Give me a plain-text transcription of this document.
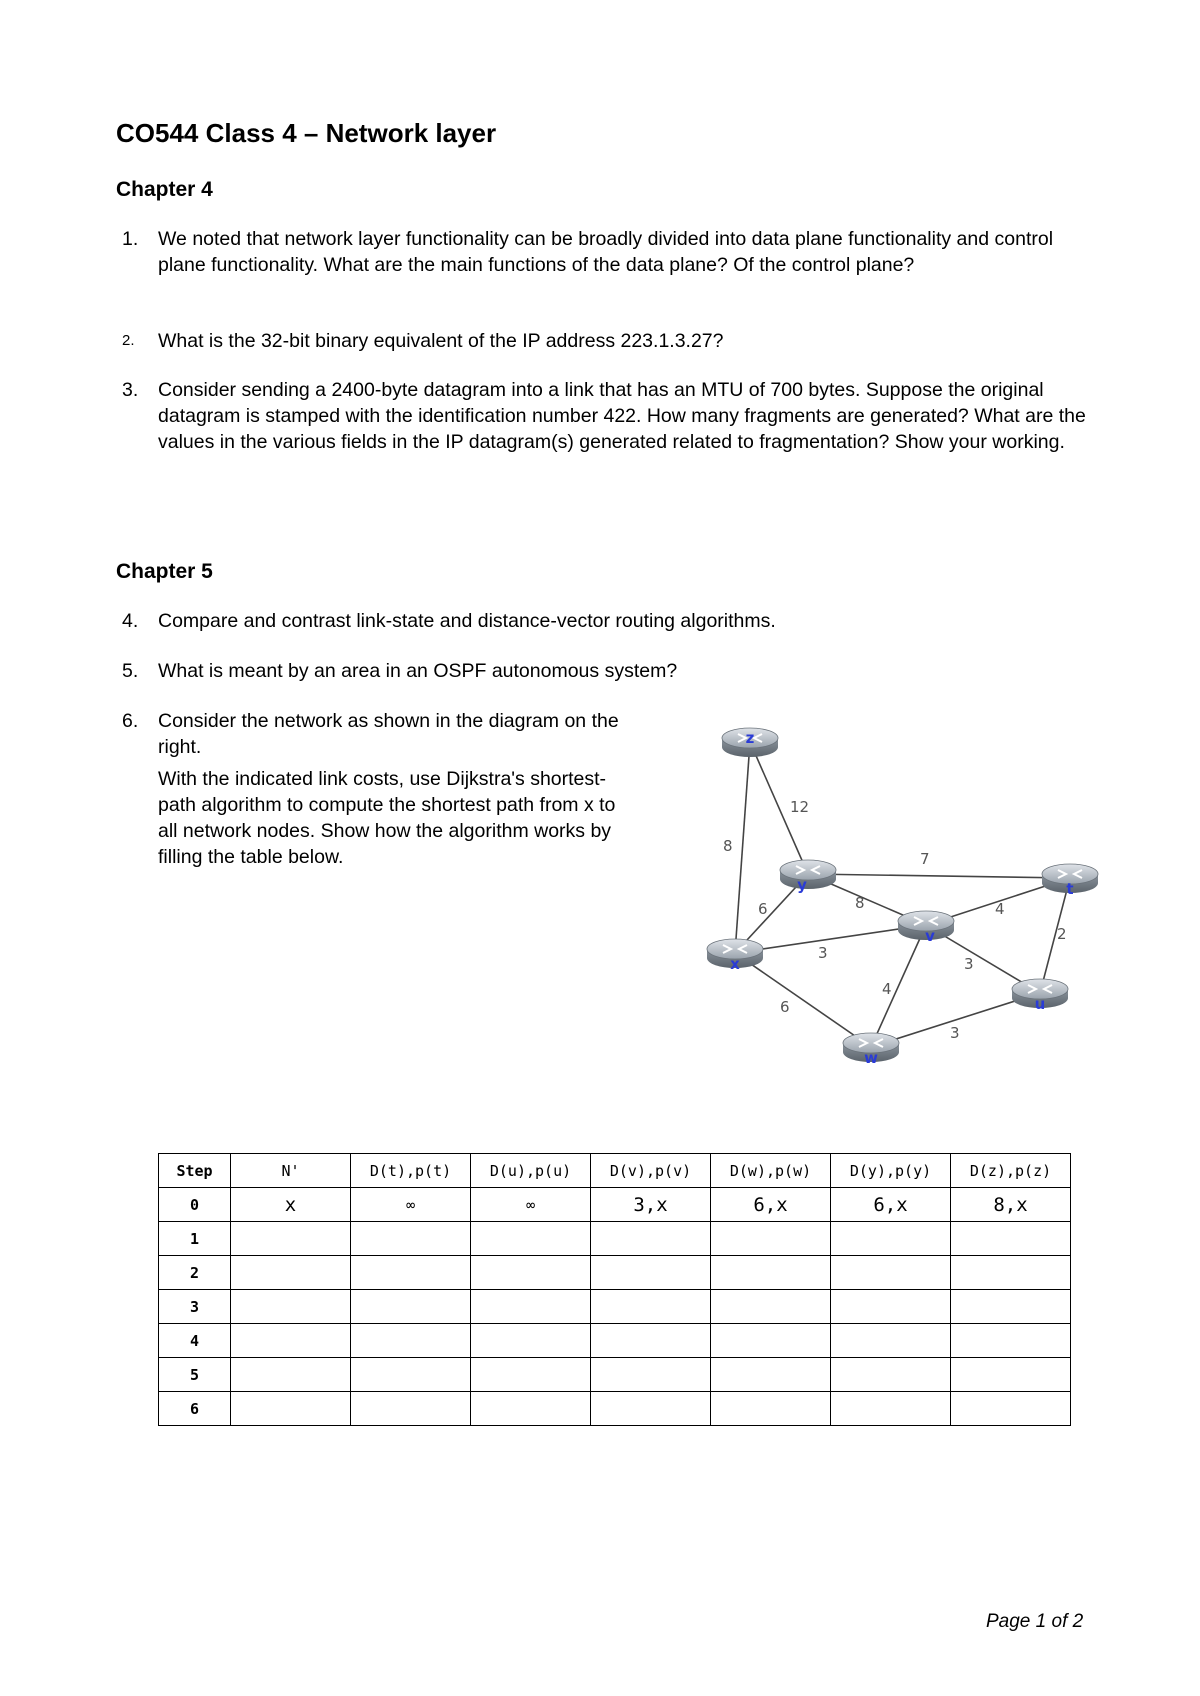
CO544 Class 4 – Network layer
Chapter 4
1. We noted that network layer functionality can be broadly divided into data plane functionality and control plane functionality. What are the main functions of the data plane? Of the control plane?
2. What is the 32-bit binary equivalent of the IP address 223.1.3.27?
3. Consider sending a 2400-byte datagram into a link that has an MTU of 700 bytes. Suppose the original datagram is stamped with the identification number 422. How many fragments are generated? What are the values in the various fields in the IP datagram(s) generated related to fragmentation? Show your working.
Chapter 5
4. Compare and contrast link-state and distance-vector routing algorithms.
5. What is meant by an area in an OSPF autonomous system?
6. Consider the network as shown in the diagram on the right.

With the indicated link costs, use Dijkstra's shortest-path algorithm to compute the shortest path from x to all network nodes. Show how the algorithm works by filling the table below.

12
8
7
6	8	4
2
3
3
4
6
3
z
y	t
v
x
u
w
Step	N'	D(t),p(t)	D(u),p(u)	D(v),p(v)	D(w),p(w)	D(y),p(y)	D(z),p(z)
0	x	∞	∞	3,x	6,x	6,x	8,x
1							
2							
3							
4							
5							
6							
Page 1 of 2
